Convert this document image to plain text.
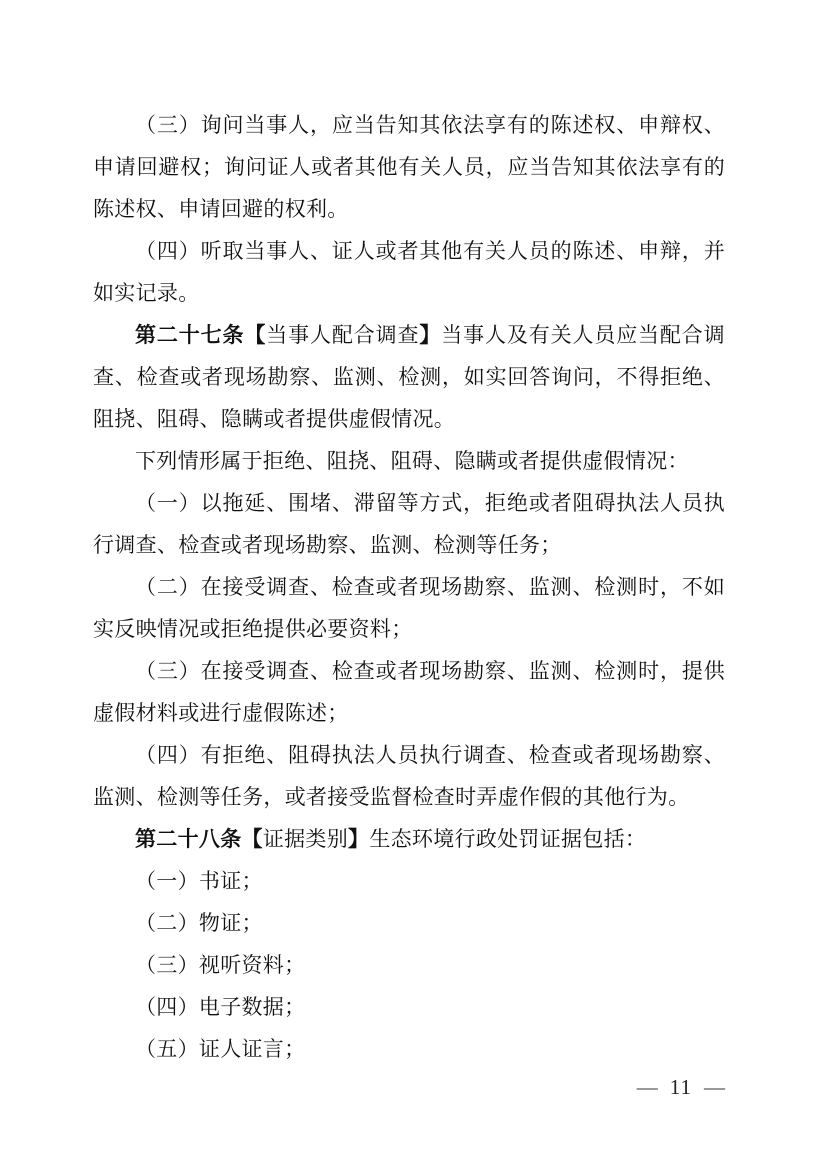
（三）询问当事人，应当告知其依法享有的陈述权、申辩权、
申请回避权；询问证人或者其他有关人员，应当告知其依法享有的
陈述权、申请回避的权利。
（四）听取当事人、证人或者其他有关人员的陈述、申辩，并
如实记录。
第二十七条【当事人配合调查】当事人及有关人员应当配合调
查、检查或者现场勘察、监测、检测，如实回答询问，不得拒绝、
阻挠、阻碍、隐瞒或者提供虚假情况。
下列情形属于拒绝、阻挠、阻碍、隐瞒或者提供虚假情况：
（一）以拖延、围堵、滞留等方式，拒绝或者阻碍执法人员执
行调查、检查或者现场勘察、监测、检测等任务；
（二）在接受调查、检查或者现场勘察、监测、检测时，不如
实反映情况或拒绝提供必要资料；
（三）在接受调查、检查或者现场勘察、监测、检测时，提供
虚假材料或进行虚假陈述；
（四）有拒绝、阻碍执法人员执行调查、检查或者现场勘察、
监测、检测等任务，或者接受监督检查时弄虚作假的其他行为。
第二十八条【证据类别】生态环境行政处罚证据包括：
（一）书证；
（二）物证；
（三）视听资料；
（四）电子数据；
（五）证人证言；
— 11 —
